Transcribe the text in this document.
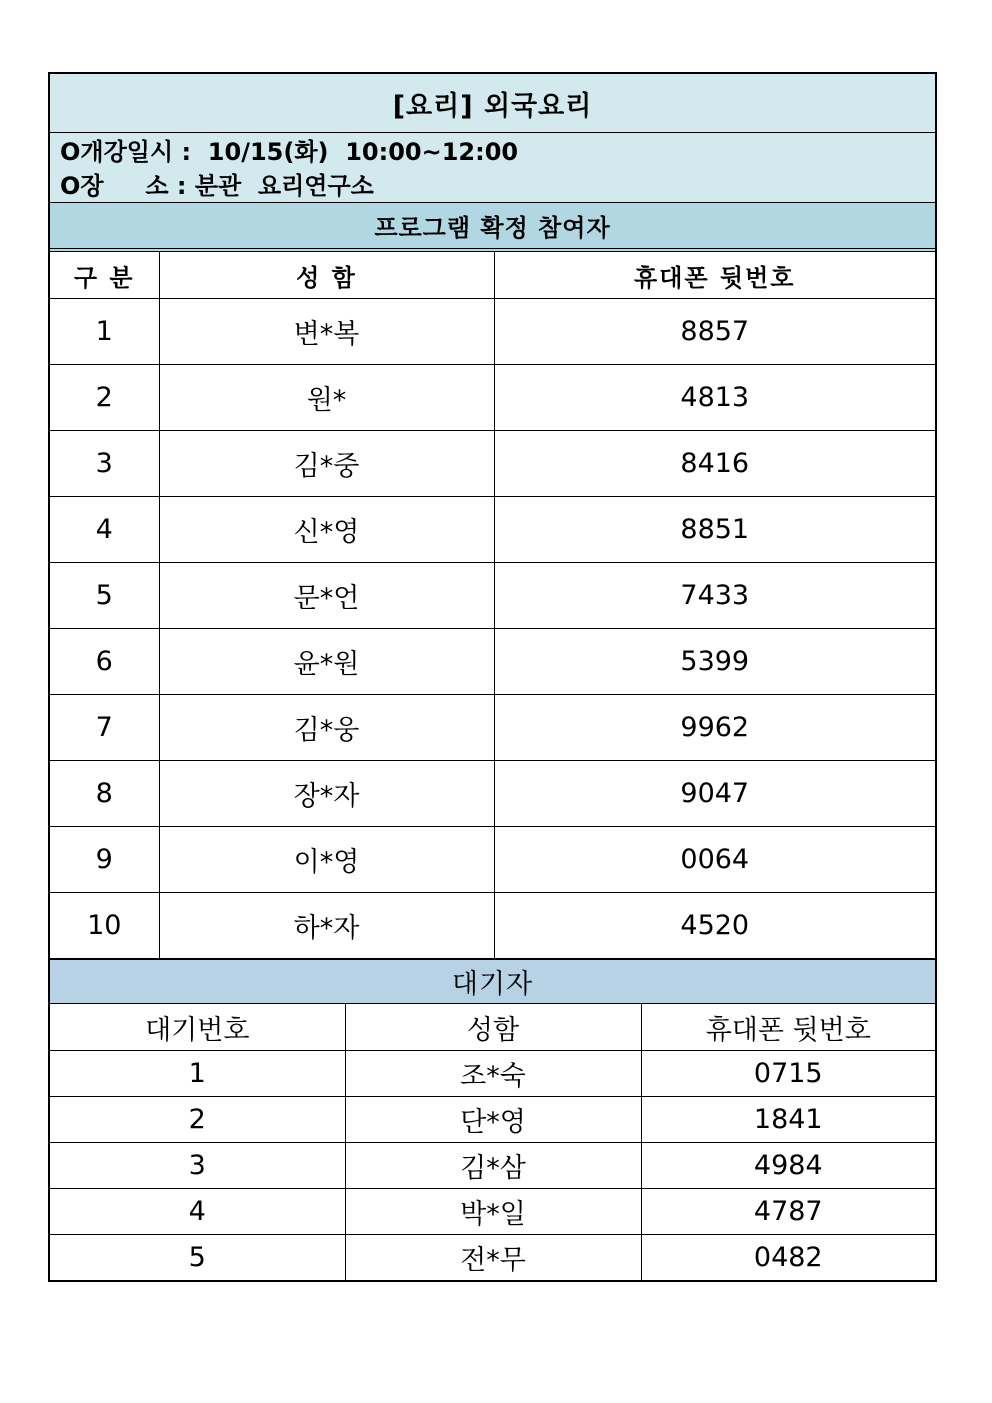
[요리] 외국요리
O개강일시 :  10/15(화)  10:00~12:00
O장     소 : 분관  요리연구소
프로그램 확정 참여자
구 분	성 함	휴대폰 뒷번호
1	변*복	8857
2	원*	4813
3	김*중	8416
4	신*영	8851
5	문*언	7433
6	윤*원	5399
7	김*웅	9962
8	장*자	9047
9	이*영	0064
10	하*자	4520
대기자
대기번호	성함	휴대폰 뒷번호
1	조*숙	0715
2	단*영	1841
3	김*삼	4984
4	박*일	4787
5	전*무	0482
